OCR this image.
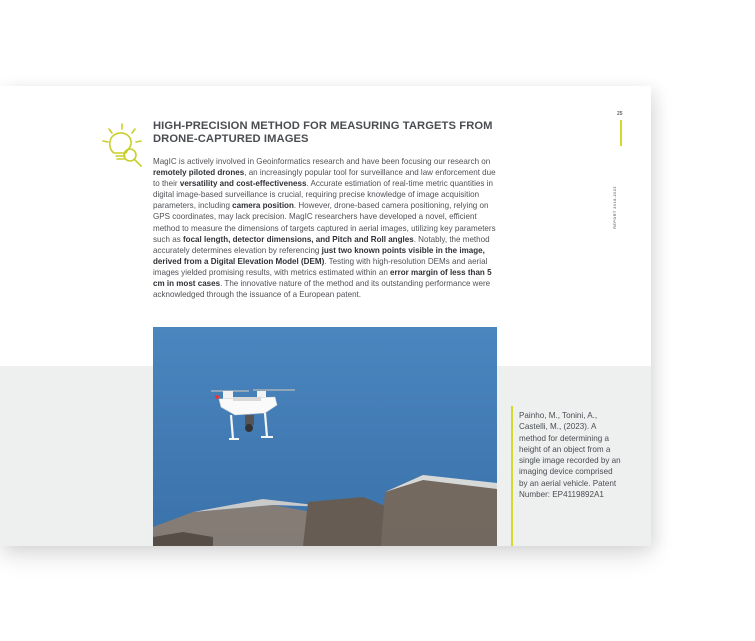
HIGH-PRECISION METHOD FOR MEASURING TARGETS FROM DRONE-CAPTURED IMAGES
MagIC is actively involved in Geoinformatics research and have been focusing our research on remotely piloted drones, an increasingly popular tool for surveillance and law enforcement due to their versatility and cost-effectiveness. Accurate estimation of real-time metric quantities in digital image-based surveillance is crucial, requiring precise knowledge of image acquisition parameters, including camera position. However, drone-based camera positioning, relying on GPS coordinates, may lack precision. MagIC researchers have developed a novel, efficient method to measure the dimensions of targets captured in aerial images, utilizing key parameters such as focal length, detector dimensions, and Pitch and Roll angles. Notably, the method accurately determines elevation by referencing just two known points visible in the image, derived from a Digital Elevation Model (DEM). Testing with high-resolution DEMs and aerial images yielded promising results, with metrics estimated within an error margin of less than 5 cm in most cases. The innovative nature of the method and its outstanding performance were acknowledged through the issuance of a European patent.
25
REPORT 2018-2023
Painho, M., Tonini, A., Castelli, M., (2023). A method for determining a height of an object from a single image recorded by an imaging device comprised by an aerial vehicle. Patent Number: EP4119892A1
